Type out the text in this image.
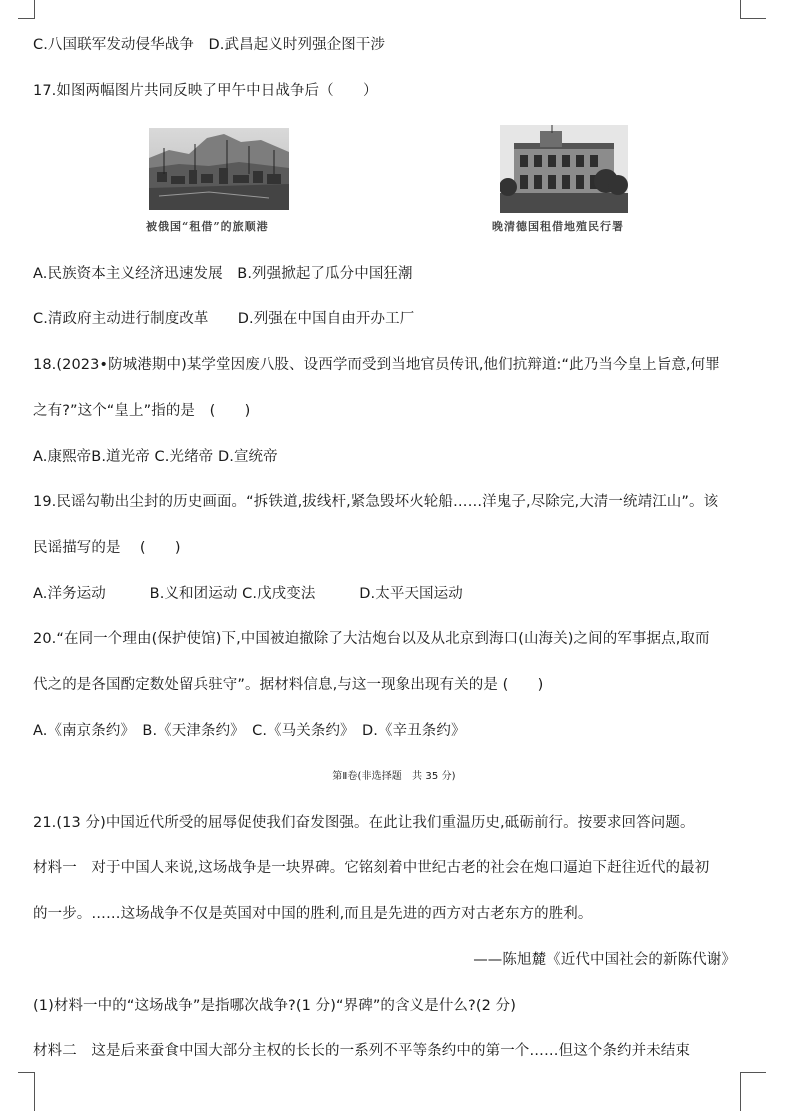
C.八国联军发动侵华战争　D.武昌起义时列强企图干涉
17.如图两幅图片共同反映了甲午中日战争后（　　）
被俄国“租借”的旅顺港	晚清德国租借地殖民行署
A.民族资本主义经济迅速发展　B.列强掀起了瓜分中国狂潮
C.清政府主动进行制度改革　　D.列强在中国自由开办工厂
18.(2023•防城港期中)某学堂因废八股、设西学而受到当地官员传讯,他们抗辩道:“此乃当今皇上旨意,何罪
之有?”这个“皇上”指的是　(　　)
A.康熙帝B.道光帝 C.光绪帝 D.宣统帝
19.民谣勾勒出尘封的历史画面。“拆铁道,拔线杆,紧急毁坏火轮船……洋鬼子,尽除完,大清一统靖江山”。该
民谣描写的是　 (　　)
A.洋务运动　　　B.义和团运动 C.戊戌变法　　　D.太平天国运动
20.“在同一个理由(保护使馆)下,中国被迫撤除了大沽炮台以及从北京到海口(山海关)之间的军事据点,取而
代之的是各国酌定数处留兵驻守”。据材料信息,与这一现象出现有关的是 (　　)
A.《南京条约》　B.《天津条约》　C.《马关条约》　D.《辛丑条约》
第Ⅱ卷(非选择题　共 35 分)
21.(13 分)中国近代所受的屈辱促使我们奋发图强。在此让我们重温历史,砥砺前行。按要求回答问题。
材料一　对于中国人来说,这场战争是一块界碑。它铭刻着中世纪古老的社会在炮口逼迫下赶往近代的最初
的一步。……这场战争不仅是英国对中国的胜利,而且是先进的西方对古老东方的胜利。
——陈旭麓《近代中国社会的新陈代谢》
(1)材料一中的“这场战争”是指哪次战争?(1 分)“界碑”的含义是什么?(2 分)
材料二　这是后来蚕食中国大部分主权的长长的一系列不平等条约中的第一个……但这个条约并未结束
